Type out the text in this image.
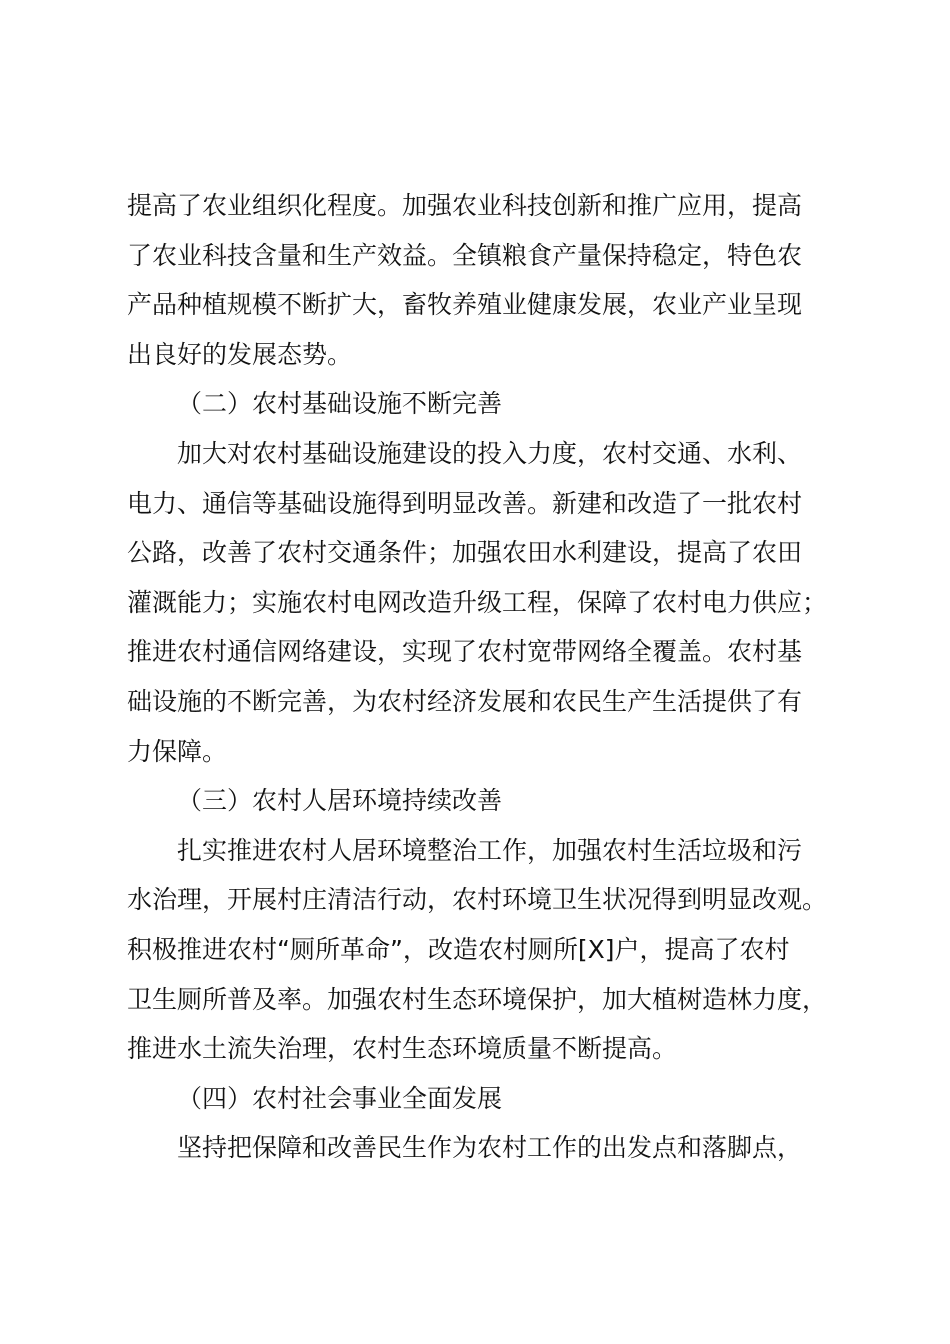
提高了农业组织化程度。加强农业科技创新和推广应用，提高
了农业科技含量和生产效益。全镇粮食产量保持稳定，特色农
产品种植规模不断扩大，畜牧养殖业健康发展，农业产业呈现
出良好的发展态势。
（二）农村基础设施不断完善
加大对农村基础设施建设的投入力度，农村交通、水利、
电力、通信等基础设施得到明显改善。新建和改造了一批农村
公路，改善了农村交通条件；加强农田水利建设，提高了农田
灌溉能力；实施农村电网改造升级工程，保障了农村电力供应；
推进农村通信网络建设，实现了农村宽带网络全覆盖。农村基
础设施的不断完善，为农村经济发展和农民生产生活提供了有
力保障。
（三）农村人居环境持续改善
扎实推进农村人居环境整治工作，加强农村生活垃圾和污
水治理，开展村庄清洁行动，农村环境卫生状况得到明显改观。
积极推进农村“厕所革命”，改造农村厕所[X]户，提高了农村
卫生厕所普及率。加强农村生态环境保护，加大植树造林力度，
推进水土流失治理，农村生态环境质量不断提高。
（四）农村社会事业全面发展
坚持把保障和改善民生作为农村工作的出发点和落脚点，
